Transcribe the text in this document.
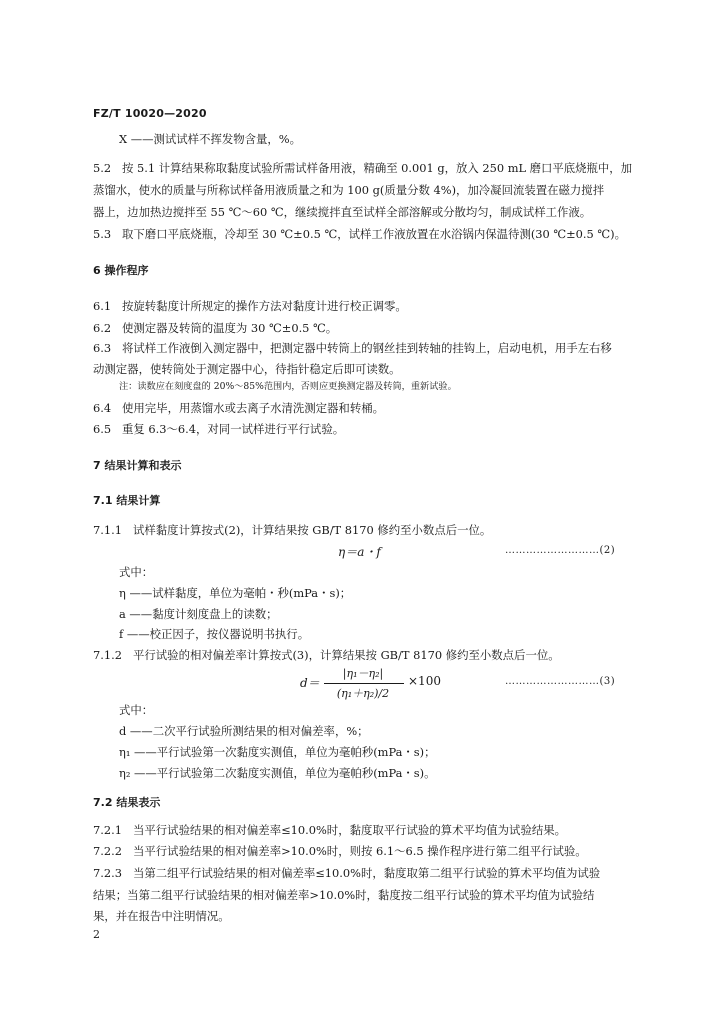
FZ/T 10020—2020
X ——测试试样不挥发物含量，%。
5.2 按 5.1 计算结果称取黏度试验所需试样备用液，精确至 0.001 g，放入 250 mL 磨口平底烧瓶中，加
蒸馏水，使水的质量与所称试样备用液质量之和为 100 g(质量分数 4%)，加冷凝回流装置在磁力搅拌
器上，边加热边搅拌至 55 ℃～60 ℃，继续搅拌直至试样全部溶解或分散均匀，制成试样工作液。
5.3 取下磨口平底烧瓶，冷却至 30 ℃±0.5 ℃，试样工作液放置在水浴锅内保温待测(30 ℃±0.5 ℃)。
6 操作程序
6.1 按旋转黏度计所规定的操作方法对黏度计进行校正调零。
6.2 使测定器及转筒的温度为 30 ℃±0.5 ℃。
6.3 将试样工作液倒入测定器中，把测定器中转筒上的钢丝挂到转轴的挂钩上，启动电机，用手左右移
动测定器，使转筒处于测定器中心，待指针稳定后即可读数。
注：读数应在刻度盘的 20%～85%范围内，否则应更换测定器及转筒，重新试验。
6.4 使用完毕，用蒸馏水或去离子水清洗测定器和转桶。
6.5 重复 6.3～6.4，对同一试样进行平行试验。
7 结果计算和表示
7.1 结果计算
7.1.1 试样黏度计算按式(2)，计算结果按 GB/T 8170 修约至小数点后一位。
η＝a・f	………………………(2)
式中：
η ——试样黏度，单位为毫帕・秒(mPa・s)；
a ——黏度计刻度盘上的读数；
f ——校正因子，按仪器说明书执行。
7.1.2 平行试验的相对偏差率计算按式(3)，计算结果按 GB/T 8170 修约至小数点后一位。
d＝
|η₁－η₂|
(η₁＋η₂)/2
×100	………………………(3)
式中：
d ——二次平行试验所测结果的相对偏差率，%；
η₁ ——平行试验第一次黏度实测值，单位为毫帕秒(mPa・s)；
η₂ ——平行试验第二次黏度实测值，单位为毫帕秒(mPa・s)。
7.2 结果表示
7.2.1 当平行试验结果的相对偏差率≤10.0%时，黏度取平行试验的算术平均值为试验结果。
7.2.2 当平行试验结果的相对偏差率>10.0%时，则按 6.1～6.5 操作程序进行第二组平行试验。
7.2.3 当第二组平行试验结果的相对偏差率≤10.0%时，黏度取第二组平行试验的算术平均值为试验
结果；当第二组平行试验结果的相对偏差率>10.0%时，黏度按二组平行试验的算术平均值为试验结
果，并在报告中注明情况。
2
